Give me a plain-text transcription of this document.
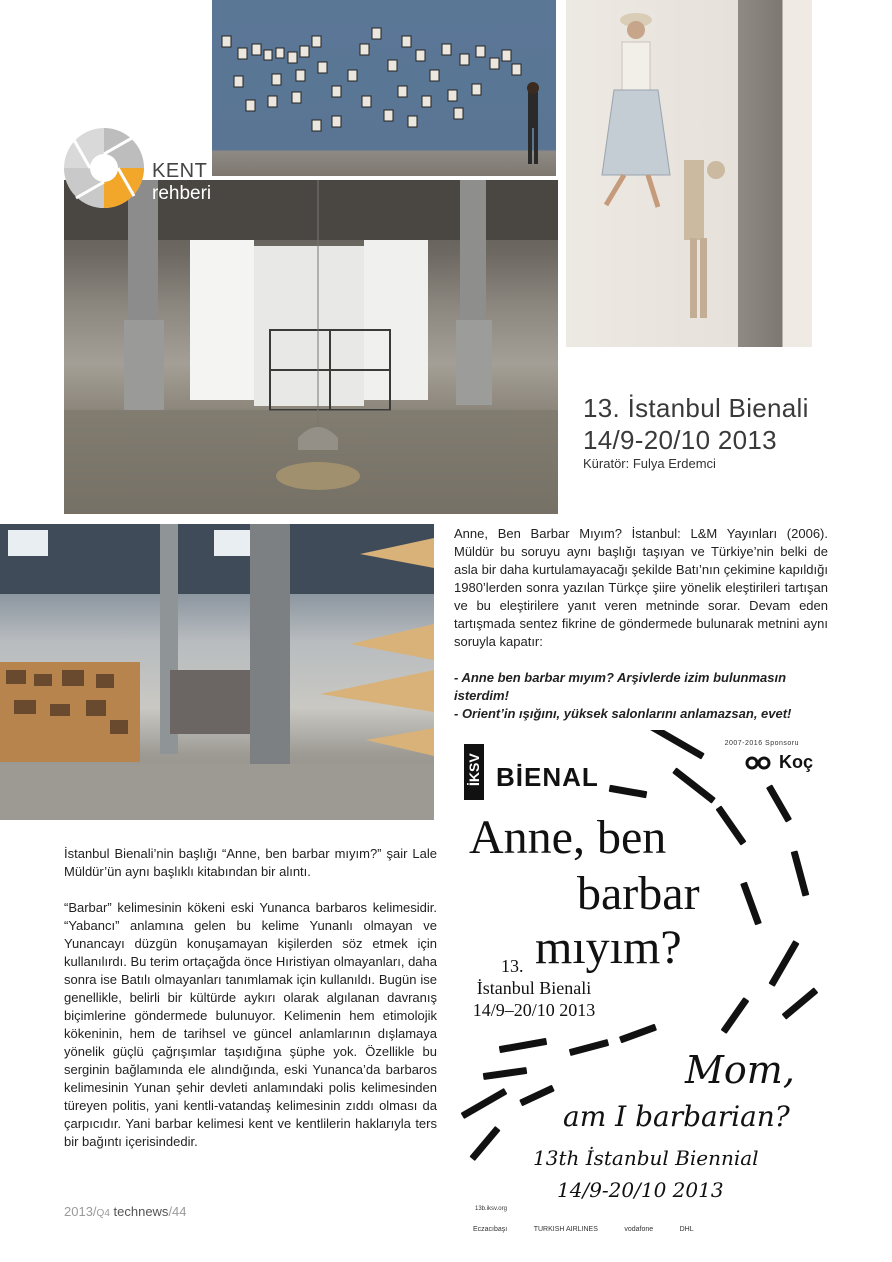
KENT
rehberi
13. İstanbul Bienali
14/9-20/10 2013
Küratör: Fulya Erdemci
Anne, Ben Barbar Mıyım? İstanbul: L&M Yayınları (2006). Müldür bu soruyu aynı başlığı taşıyan ve Türkiye’nin belki de asla bir daha kurtulamayacağı şekilde Batı’nın çekimine kapıldığı 1980’lerden sonra yazılan Türkçe şiire yönelik eleştirileri tartışan ve bu eleştirilere yanıt veren metninde sorar. Devam eden tartışmada sentez fikrine de göndermede bulunarak metnini aynı soruyla kapatır:
- Anne ben barbar mıyım? Arşivlerde izim bulunmasın isterdim!
- Orient’in ışığını, yüksek salonlarını anlamazsan, evet!
İstanbul Bienali’nin başlığı “Anne, ben barbar mıyım?” şair Lale Müldür’ün aynı başlıklı kitabından bir alıntı.
“Barbar” kelimesinin kökeni eski Yunanca barbaros kelimesidir. “Yabancı” anlamına gelen bu kelime Yunanlı olmayan ve Yunancayı düzgün konuşamayan kişilerden söz etmek için kullanılırdı. Bu terim ortaçağda önce Hıristiyan olmayanları, daha sonra ise Batılı olmayanları tanımlamak için kullanıldı. Bugün ise genellikle, belirli bir kültürde aykırı olarak algılanan davranış biçimlerine göndermede bulunuyor. Kelimenin hem etimolojik kökeninin, hem de tarihsel ve güncel anlamlarının dışlamaya yönelik güçlü çağrışımlar taşıdığına şüphe yok. Özellikle bu serginin bağlamında ele alındığında, eski Yunanca’da barbaros kelimesinin Yunan şehir devleti anlamındaki polis kelimesinden türeyen politis, yani kentli-vatandaş kelimesinin zıddı olması da çarpıcıdır. Yani barbar kelimesi kent ve kentlilerin haklarıyla ters bir bağıntı içerisindedir.
İKSV BİENAL
2007-2016 Sponsoru
Koç
Anne, ben
barbar
mıyım?
13.
İstanbul Bienali
14/9–20/10 2013
Mom,
am I barbarian?
13th İstanbul Biennial
14/9-20/10 2013
13b.iksv.org
Eczacıbaşı	TURKISH AIRLINES	vodafone	DHL
2013/Q4 technews/44
